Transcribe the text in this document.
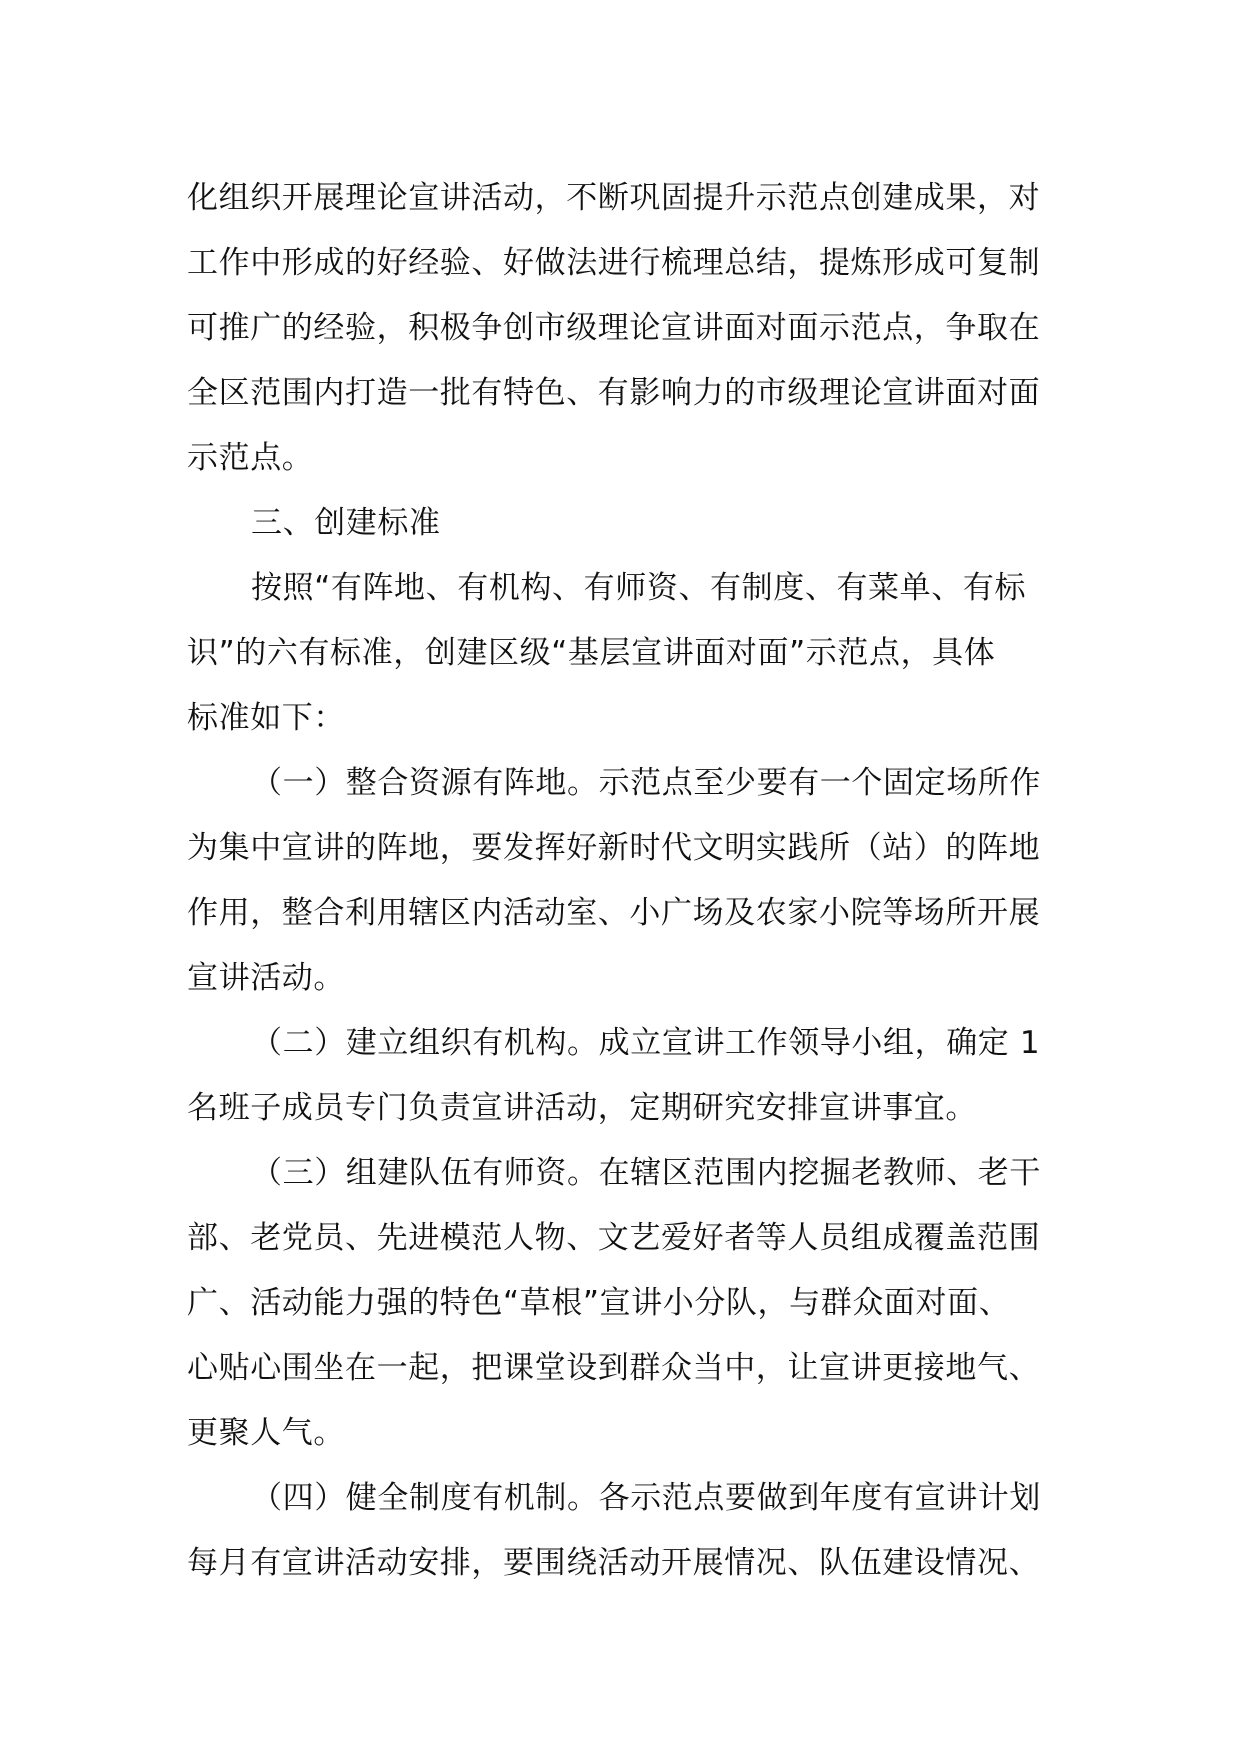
化组织开展理论宣讲活动，不断巩固提升示范点创建成果，对
工作中形成的好经验、好做法进行梳理总结，提炼形成可复制
可推广的经验，积极争创市级理论宣讲面对面示范点，争取在
全区范围内打造一批有特色、有影响力的市级理论宣讲面对面
示范点。
三、创建标准
按照“有阵地、有机构、有师资、有制度、有菜单、有标
识”的六有标准，创建区级“基层宣讲面对面”示范点，具体
标准如下：
（一）整合资源有阵地。示范点至少要有一个固定场所作
为集中宣讲的阵地，要发挥好新时代文明实践所（站）的阵地
作用，整合利用辖区内活动室、小广场及农家小院等场所开展
宣讲活动。
（二）建立组织有机构。成立宣讲工作领导小组，确定 1
名班子成员专门负责宣讲活动，定期研究安排宣讲事宜。
（三）组建队伍有师资。在辖区范围内挖掘老教师、老干
部、老党员、先进模范人物、文艺爱好者等人员组成覆盖范围
广、活动能力强的特色“草根”宣讲小分队，与群众面对面、
心贴心围坐在一起，把课堂设到群众当中，让宣讲更接地气、
更聚人气。
（四）健全制度有机制。各示范点要做到年度有宣讲计划
每月有宣讲活动安排，要围绕活动开展情况、队伍建设情况、
